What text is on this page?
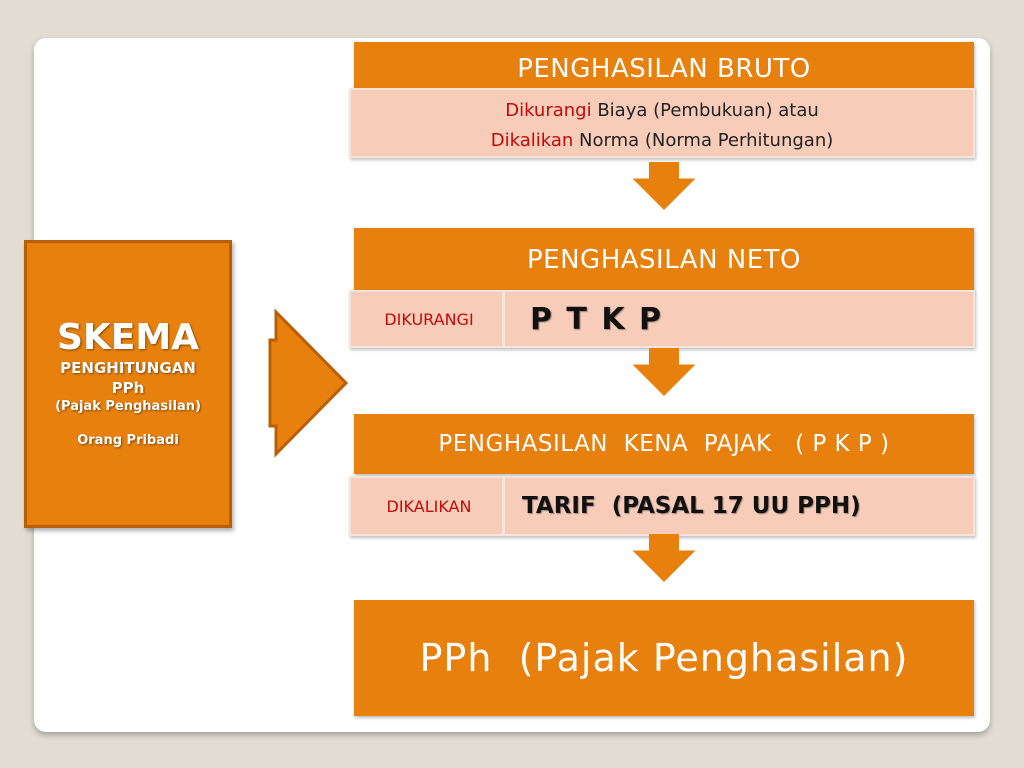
SKEMA
PENGHITUNGAN
PPh
(Pajak Penghasilan)
Orang Pribadi
PENGHASILAN BRUTO
Dikurangi Biaya (Pembukuan) atau
Dikalikan Norma (Norma Perhitungan)
PENGHASILAN NETO
DIKURANGI P T K P
PENGHASILAN  KENA  PAJAK   ( P K P )
DIKALIKAN TARIF  (PASAL 17 UU PPH)
PPh  (Pajak Penghasilan)
